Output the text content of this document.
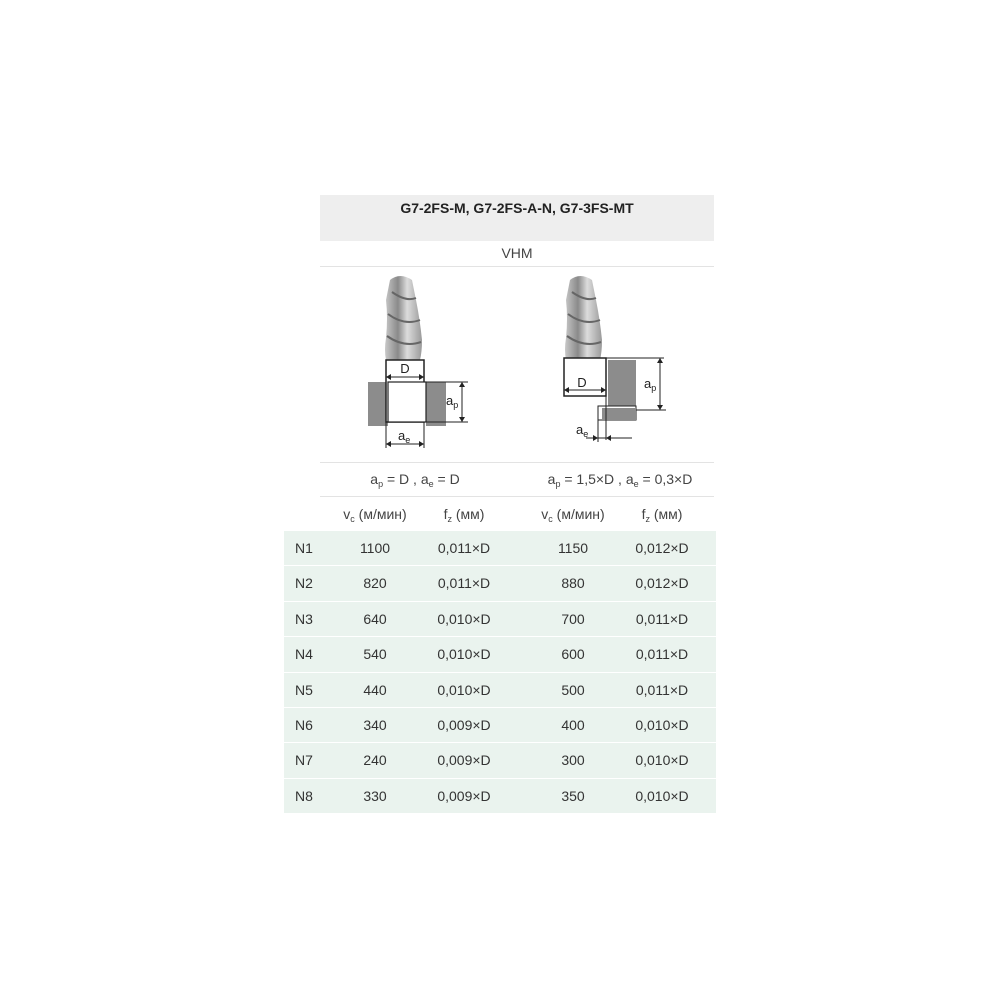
G7-2FS-M, G7-2FS-A-N, G7-3FS-MT
VHM
D
$a_p$
$a_e$
D	$a_p$
$a_e$
$a_p = D$ , $a_e = D$	$a_p = 1,5\times D$ , $a_e = 0,3\times D$
$v_c$ (м/мин)	$f_z$ (мм)	$v_c$ (м/мин)	$f_z$ (мм)
N1	1100	0,011×D	1150	0,012×D
N2	820	0,011×D	880	0,012×D
N3	640	0,010×D	700	0,011×D
N4	540	0,010×D	600	0,011×D
N5	440	0,010×D	500	0,011×D
N6	340	0,009×D	400	0,010×D
N7	240	0,009×D	300	0,010×D
N8	330	0,009×D	350	0,010×D
